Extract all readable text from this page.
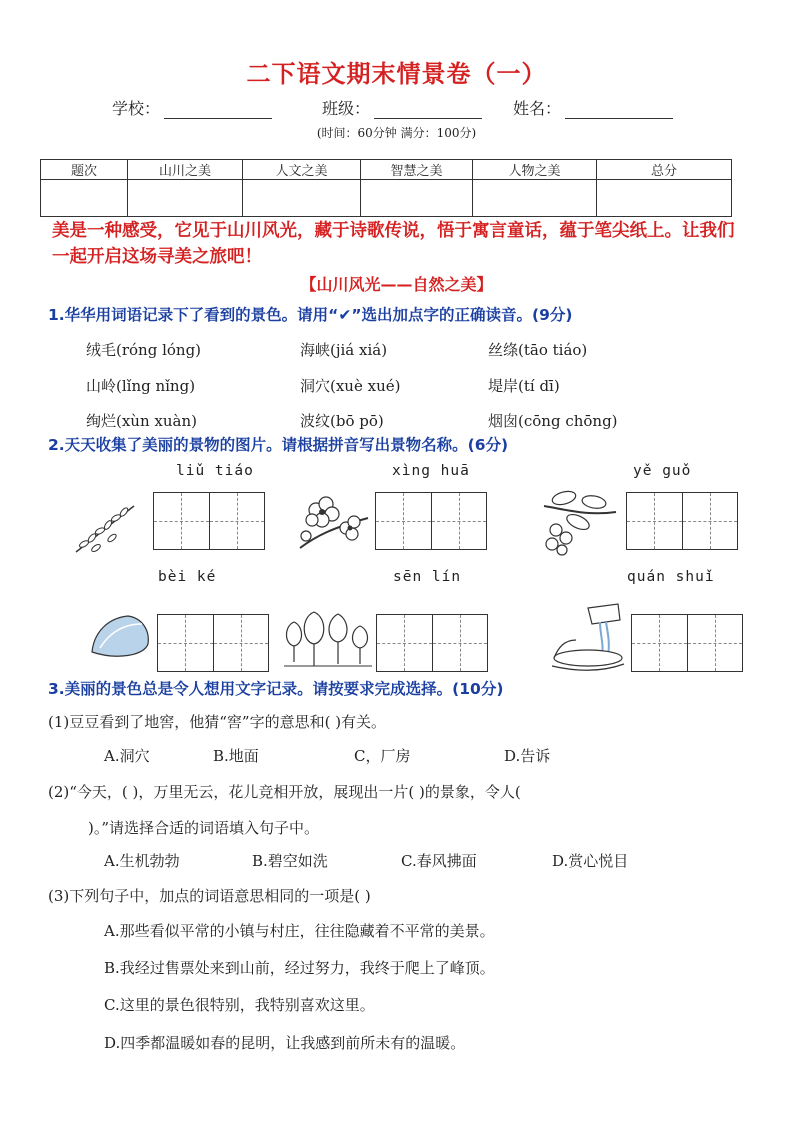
二下语文期末情景卷（一）
学校：	班级：	姓名：
(时间：60分钟 满分：100分)
题次	山川之美	人文之美	智慧之美	人物之美	总分

美是一种感受，它见于山川风光，藏于诗歌传说，悟于寓言童话，蕴于笔尖纸上。让我们一起开启这场寻美之旅吧！
【山川风光——自然之美】
1.华华用词语记录下了看到的景色。请用“✔”选出加点字的正确读音。(9分)
绒毛(róng lóng)	海峡(jiá xiá)	丝绦(tāo tiáo)
山岭(lǐng nǐng)	洞穴(xuè xué)	堤岸(tí dī)
绚烂(xùn xuàn)	波纹(bō pō)	烟囱(cōng chōng)
2.天天收集了美丽的景物的图片。请根据拼音写出景物名称。(6分)
liǔ tiáo	xìng huā	yě guǒ
bèi ké	sēn lín	quán shuǐ
3.美丽的景色总是令人想用文字记录。请按要求完成选择。(10分)
(1)豆豆看到了地窖，他猜“窖”字的意思和( )有关。
A.洞穴	B.地面	C，厂房	D.告诉
(2)“今天，( )，万里无云，花儿竞相开放，展现出一片( )的景象，令人(
)。”请选择合适的词语填入句子中。
A.生机勃勃	B.碧空如洗	C.春风拂面	D.赏心悦目
(3)下列句子中，加点的词语意思相同的一项是( )
A.那些看似平常的小镇与村庄，往往隐藏着不平常的美景。
B.我经过售票处来到山前，经过努力，我终于爬上了峰顶。
C.这里的景色很特别，我特别喜欢这里。
D.四季都温暖如春的昆明，让我感到前所未有的温暖。
